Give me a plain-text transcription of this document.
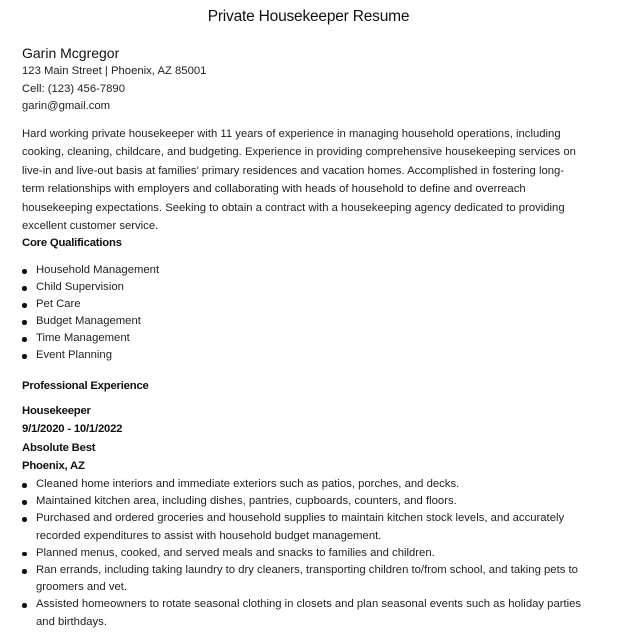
Private Housekeeper Resume
Garin Mcgregor
123 Main Street | Phoenix, AZ 85001
Cell: (123) 456-7890
garin@gmail.com

Hard working private housekeeper with 11 years of experience in managing household operations, including cooking, cleaning, childcare, and budgeting. Experience in providing comprehensive housekeeping services on live-in and live-out basis at families’ primary residences and vacation homes. Accomplished in fostering long-term relationships with employers and collaborating with heads of household to define and overreach housekeeping expectations. Seeking to obtain a contract with a housekeeping agency dedicated to providing excellent customer service.

Core Qualifications
Household Management
Child Supervision
Pet Care
Budget Management
Time Management
Event Planning
Professional Experience
Housekeeper
9/1/2020 - 10/1/2022
Absolute Best
Phoenix, AZ
Cleaned home interiors and immediate exteriors such as patios, porches, and decks.
Maintained kitchen area, including dishes, pantries, cupboards, counters, and floors.
Purchased and ordered groceries and household supplies to maintain kitchen stock levels, and accurately recorded expenditures to assist with household budget management.
Planned menus, cooked, and served meals and snacks to families and children.
Ran errands, including taking laundry to dry cleaners, transporting children to/from school, and taking pets to groomers and vet.
Assisted homeowners to rotate seasonal clothing in closets and plan seasonal events such as holiday parties and birthdays.
